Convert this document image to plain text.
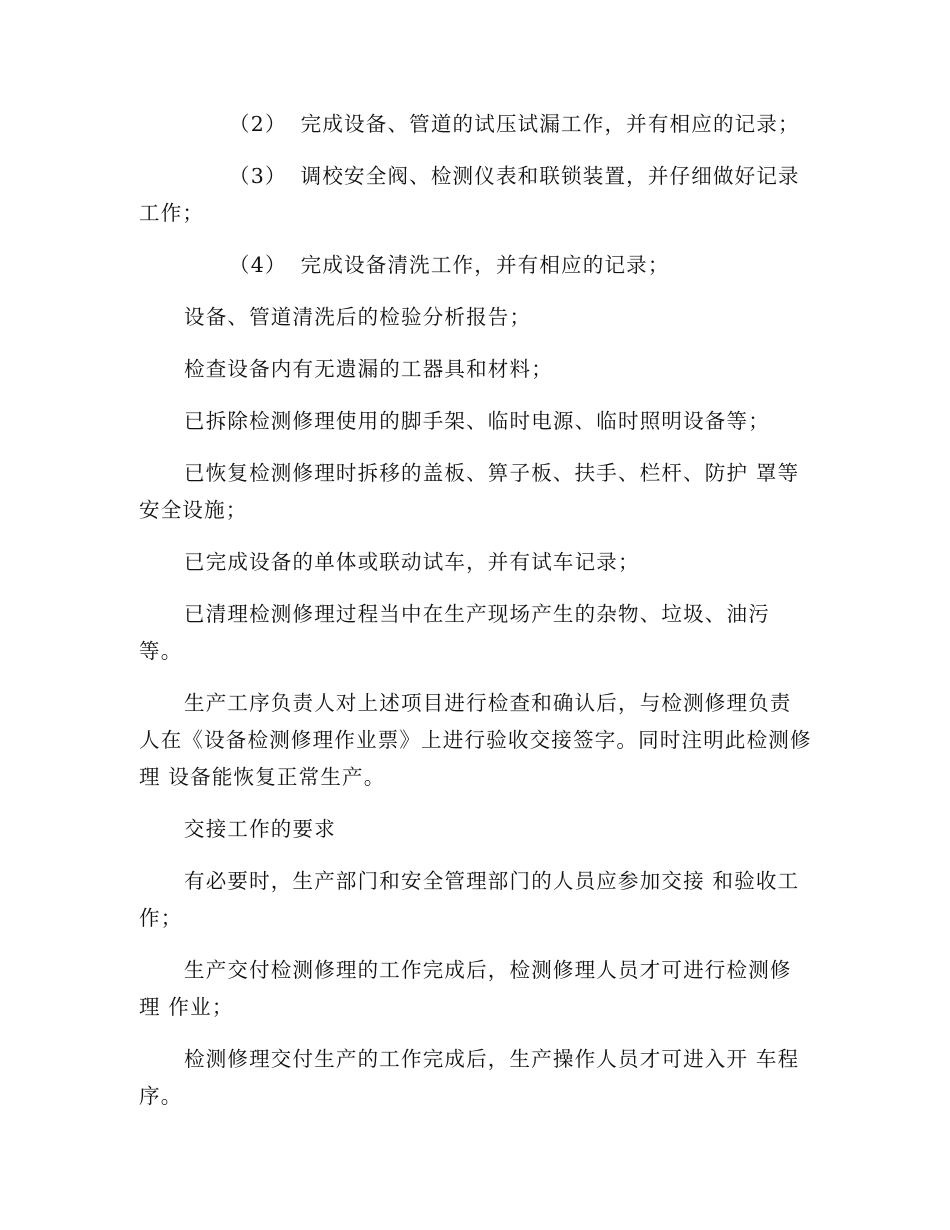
（2） 完成设备、管道的试压试漏工作，并有相应的记录；

（3） 调校安全阀、检测仪表和联锁装置，并仔细做好记录工作；

（4） 完成设备清洗工作，并有相应的记录；

设备、管道清洗后的检验分析报告；

检查设备内有无遗漏的工器具和材料；

已拆除检测修理使用的脚手架、临时电源、临时照明设备等；

已恢复检测修理时拆移的盖板、箅子板、扶手、栏杆、防护 罩等安全设施；

已完成设备的单体或联动试车，并有试车记录；

已清理检测修理过程当中在生产现场产生的杂物、垃圾、油污等。

生产工序负责人对上述项目进行检查和确认后，与检测修理负责人在《设备检测修理作业票》上进行验收交接签字。同时注明此检测修理 设备能恢复正常生产。

交接工作的要求

有必要时，生产部门和安全管理部门的人员应参加交接 和验收工作；

生产交付检测修理的工作完成后，检测修理人员才可进行检测修理 作业；

检测修理交付生产的工作完成后，生产操作人员才可进入开 车程序。
